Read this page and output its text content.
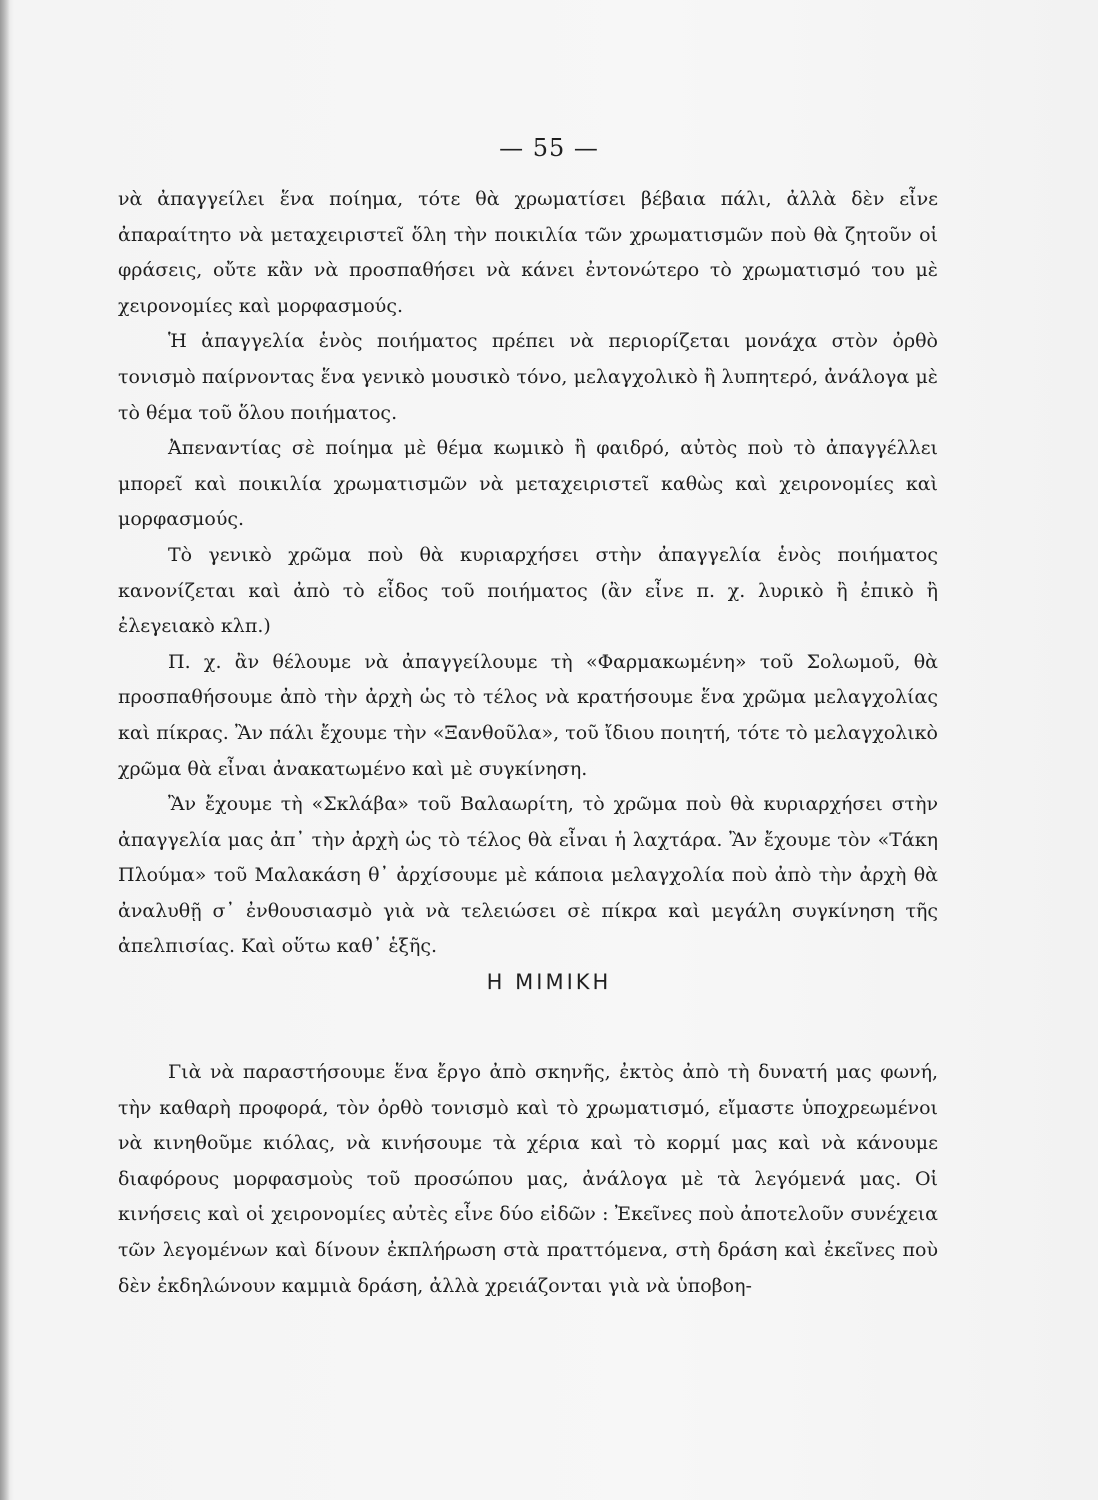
— 55 —

νὰ ἀπαγγείλει ἕνα ποίημα, τότε θὰ χρωματίσει βέβαια πάλι, ἀλλὰ δὲν εἶνε ἀπαραίτητο νὰ μεταχειριστεῖ ὅλη τὴν ποικιλία τῶν χρωματισμῶν ποὺ θὰ ζητοῦν οἱ φράσεις, οὔτε κἂν νὰ προσπαθήσει νὰ κάνει ἐντονώτερο τὸ χρωματισμό του μὲ χειρονομίες καὶ μορφασμούς.

Ἡ ἀπαγγελία ἑνὸς ποιήματος πρέπει νὰ περιορίζεται μονάχα στὸν ὀρθὸ τονισμὸ παίρνοντας ἕνα γενικὸ μουσικὸ τόνο, μελαγχολικὸ ἢ λυπητερό, ἀνάλογα μὲ τὸ θέμα τοῦ ὅλου ποιήματος.

Ἀπεναντίας σὲ ποίημα μὲ θέμα κωμικὸ ἢ φαιδρό, αὐτὸς ποὺ τὸ ἀπαγγέλλει μπορεῖ καὶ ποικιλία χρωματισμῶν νὰ μεταχειριστεῖ καθὼς καὶ χειρονομίες καὶ μορφασμούς.

Τὸ γενικὸ χρῶμα ποὺ θὰ κυριαρχήσει στὴν ἀπαγγελία ἑνὸς ποιήματος κανονίζεται καὶ ἀπὸ τὸ εἶδος τοῦ ποιήματος (ἂν εἶνε π. χ. λυρικὸ ἢ ἐπικὸ ἢ ἐλεγειακὸ κλπ.)

Π. χ. ἂν θέλουμε νὰ ἀπαγγείλουμε τὴ «Φαρμακωμένη» τοῦ Σολωμοῦ, θὰ προσπαθήσουμε ἀπὸ τὴν ἀρχὴ ὡς τὸ τέλος νὰ κρατήσουμε ἕνα χρῶμα μελαγχολίας καὶ πίκρας. Ἂν πάλι ἔχουμε τὴν «Ξανθοῦλα», τοῦ ἴδιου ποιητή, τότε τὸ μελαγχολικὸ χρῶμα θὰ εἶναι ἀνακατωμένο καὶ μὲ συγκίνηση.

Ἂν ἔχουμε τὴ «Σκλάβα» τοῦ Βαλαωρίτη, τὸ χρῶμα ποὺ θὰ κυριαρχήσει στὴν ἀπαγγελία μας ἀπ᾿ τὴν ἀρχὴ ὡς τὸ τέλος θὰ εἶναι ἡ λαχτάρα. Ἂν ἔχουμε τὸν «Τάκη Πλούμα» τοῦ Μαλακάση θ᾿ ἀρχίσουμε μὲ κάποια μελαγχολία ποὺ ἀπὸ τὴν ἀρχὴ θὰ ἀναλυθῇ σ᾿ ἐνθουσιασμὸ γιὰ νὰ τελειώσει σὲ πίκρα καὶ μεγάλη συγκίνηση τῆς ἀπελπισίας. Καὶ οὕτω καθ᾿ ἑξῆς.

Η ΜΙΜΙΚΗ

Γιὰ νὰ παραστήσουμε ἕνα ἔργο ἀπὸ σκηνῆς, ἐκτὸς ἀπὸ τὴ δυνατή μας φωνή, τὴν καθαρὴ προφορά, τὸν ὀρθὸ τονισμὸ καὶ τὸ χρωματισμό, εἴμαστε ὑποχρεωμένοι νὰ κινηθοῦμε κιόλας, νὰ κινήσουμε τὰ χέρια καὶ τὸ κορμί μας καὶ νὰ κάνουμε διαφόρους μορφασμοὺς τοῦ προσώπου μας, ἀνάλογα μὲ τὰ λεγόμενά μας. Οἱ κινήσεις καὶ οἱ χειρονομίες αὐτὲς εἶνε δύο εἰδῶν : Ἐκεῖνες ποὺ ἀποτελοῦν συνέχεια τῶν λεγομένων καὶ δίνουν ἐκπλήρωση στὰ πραττόμενα, στὴ δράση καὶ ἐκεῖνες ποὺ δὲν ἐκδηλώνουν καμμιὰ δράση, ἀλλὰ χρειάζονται γιὰ νὰ ὑποβοη-
